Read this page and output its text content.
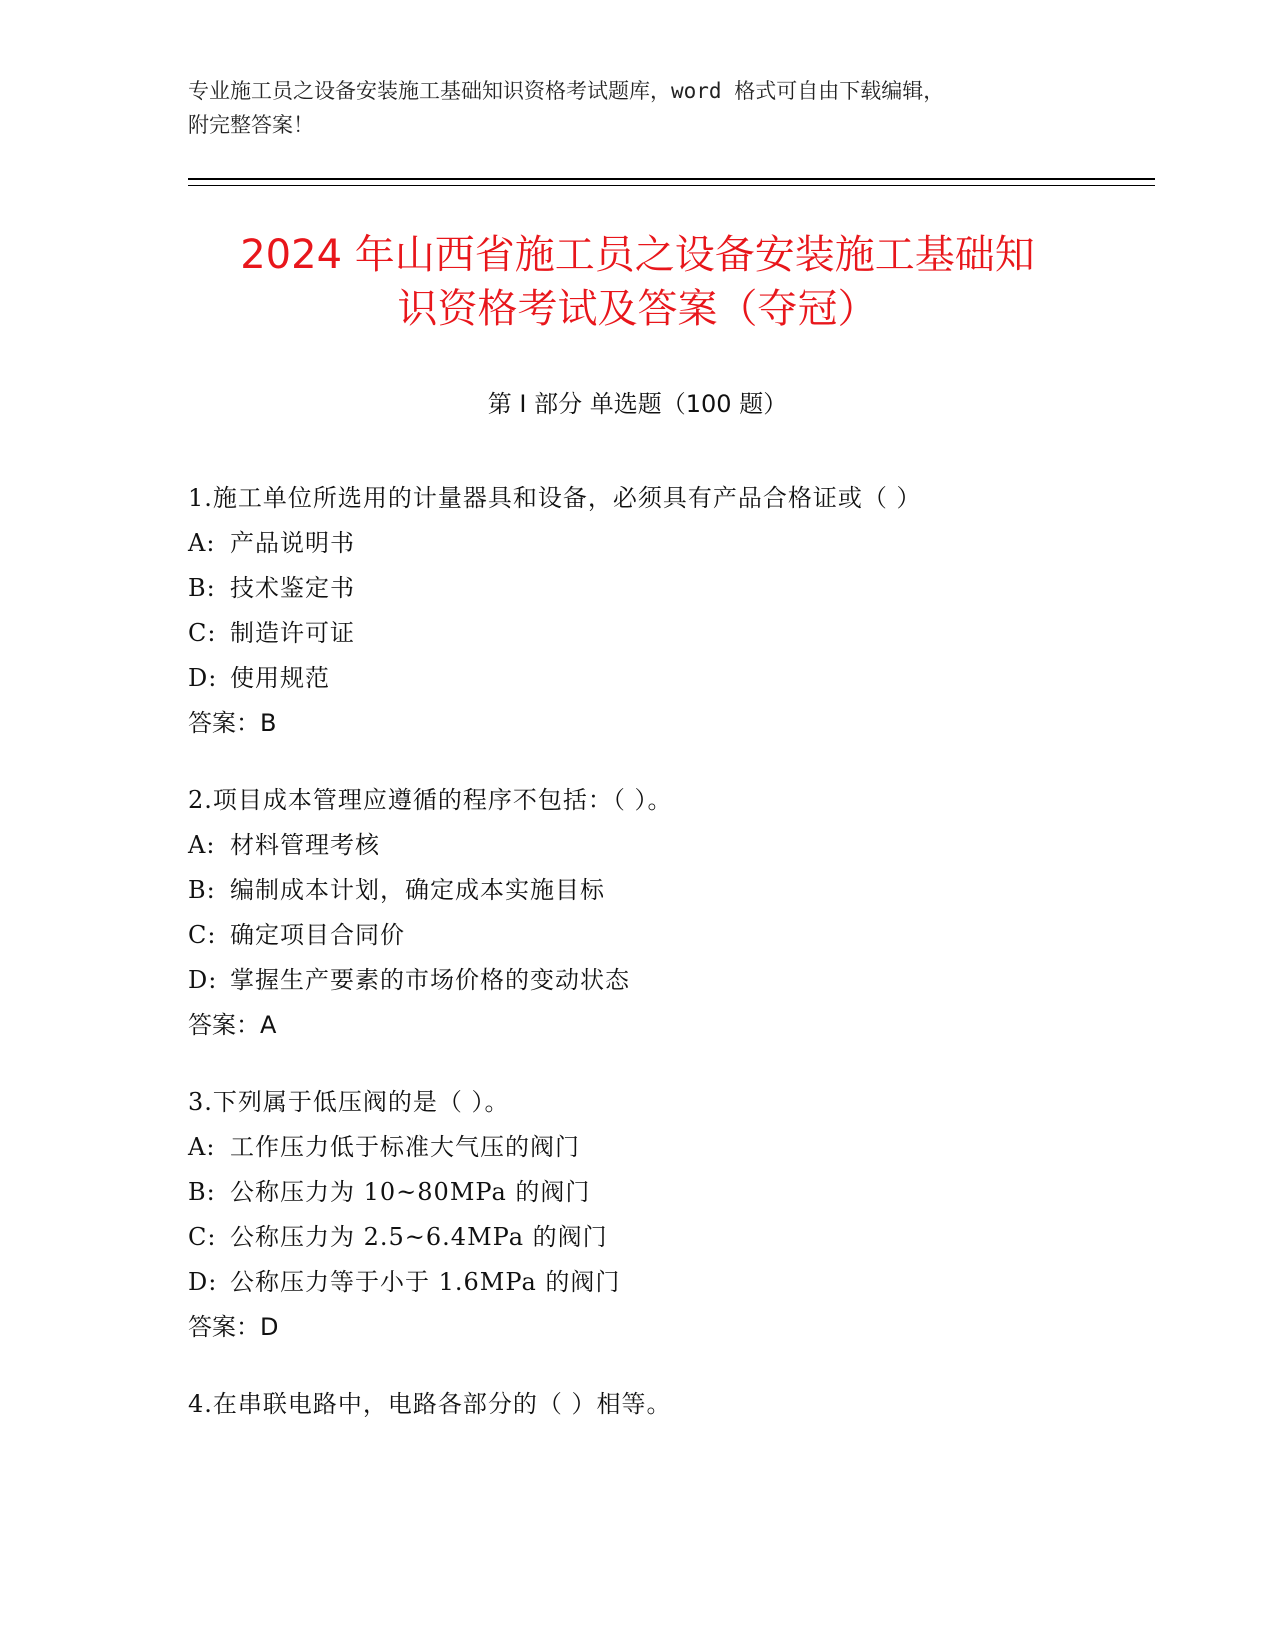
专业施工员之设备安装施工基础知识资格考试题库，word 格式可自由下载编辑，
附完整答案！
2024 年山西省施工员之设备安装施工基础知
识资格考试及答案（夺冠）
第 I 部分 单选题（100 题）
1.施工单位所选用的计量器具和设备，必须具有产品合格证或（ ）
A: 产品说明书
B: 技术鉴定书
C: 制造许可证
D: 使用规范
答案：B
2.项目成本管理应遵循的程序不包括：（ ）。
A: 材料管理考核
B: 编制成本计划，确定成本实施目标
C: 确定项目合同价
D: 掌握生产要素的市场价格的变动状态
答案：A
3.下列属于低压阀的是（ ）。
A: 工作压力低于标准大气压的阀门
B: 公称压力为 10~80MPa 的阀门
C: 公称压力为 2.5~6.4MPa 的阀门
D: 公称压力等于小于 1.6MPa 的阀门
答案：D
4.在串联电路中，电路各部分的（ ）相等。
